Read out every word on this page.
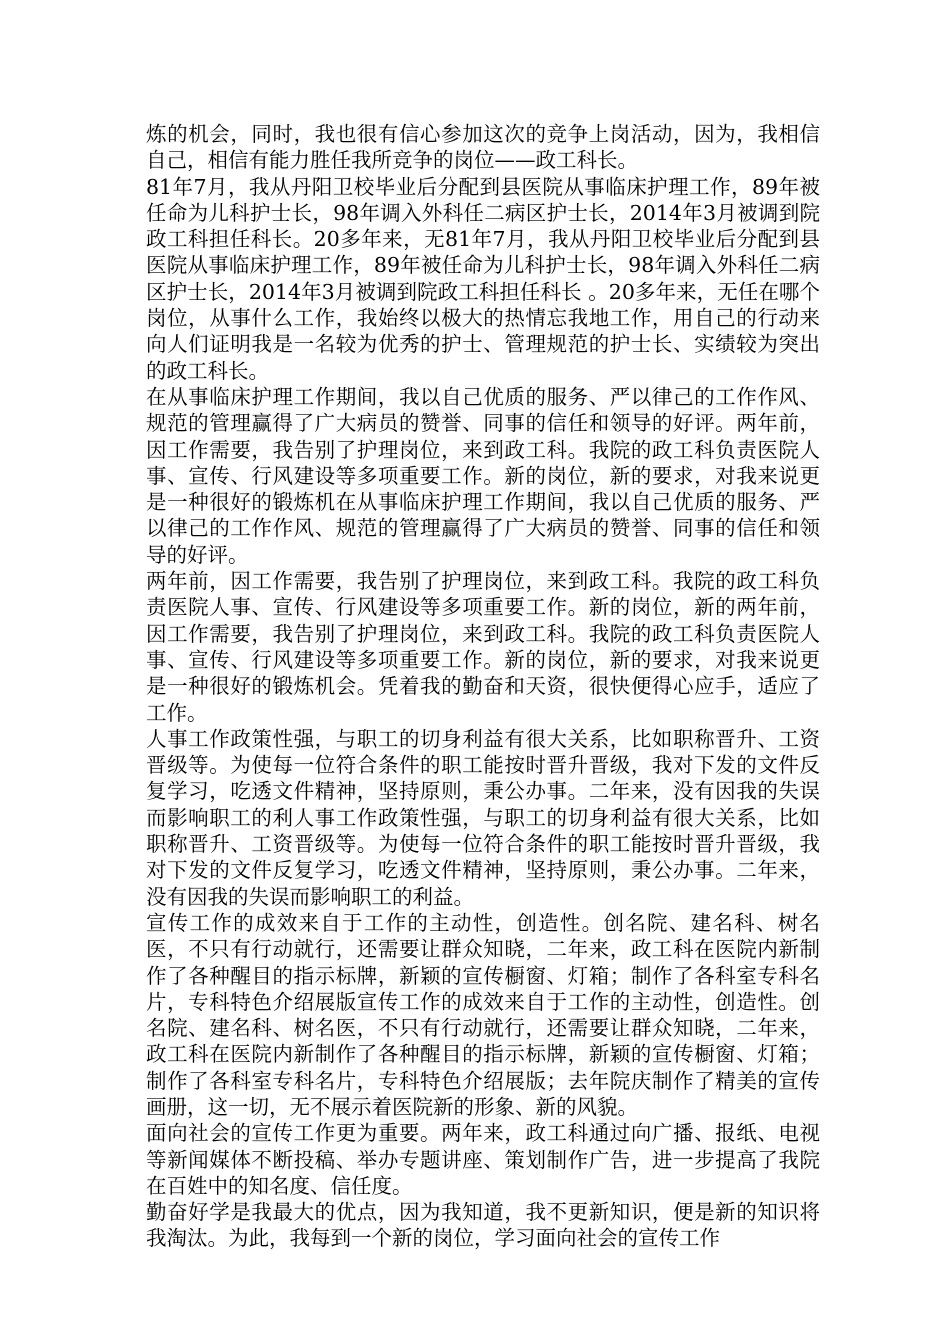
炼的机会，同时，我也很有信心参加这次的竞争上岗活动，因为，我相信自己，相信有能力胜任我所竞争的岗位——政工科长。

81年7月，我从丹阳卫校毕业后分配到县医院从事临床护理工作，89年被任命为儿科护士长，98年调入外科任二病区护士长，2014年3月被调到院政工科担任科长。20多年来，无81年7月，我从丹阳卫校毕业后分配到县医院从事临床护理工作，89年被任命为儿科护士长，98年调入外科任二病区护士长，2014年3月被调到院政工科担任科长 。20多年来，无任在哪个岗位，从事什么工作，我始终以极大的热情忘我地工作，用自己的行动来向人们证明我是一名较为优秀的护士、管理规范的护士长、实绩较为突出的政工科长。

在从事临床护理工作期间，我以自己优质的服务、严以律己的工作作风、规范的管理赢得了广大病员的赞誉、同事的信任和领导的好评。两年前，因工作需要，我告别了护理岗位，来到政工科。我院的政工科负责医院人事、宣传、行风建设等多项重要工作。新的岗位，新的要求，对我来说更是一种很好的锻炼机在从事临床护理工作期间，我以自己优质的服务、严以律己的工作作风、规范的管理赢得了广大病员的赞誉、同事的信任和领导的好评。

两年前，因工作需要，我告别了护理岗位，来到政工科。我院的政工科负责医院人事、宣传、行风建设等多项重要工作。新的岗位，新的两年前，因工作需要，我告别了护理岗位，来到政工科。我院的政工科负责医院人事、宣传、行风建设等多项重要工作。新的岗位，新的要求，对我来说更是一种很好的锻炼机会。凭着我的勤奋和天资，很快便得心应手，适应了工作。

人事工作政策性强，与职工的切身利益有很大关系，比如职称晋升、工资晋级等。为使每一位符合条件的职工能按时晋升晋级，我对下发的文件反复学习，吃透文件精神，坚持原则，秉公办事。二年来，没有因我的失误而影响职工的利人事工作政策性强，与职工的切身利益有很大关系，比如职称晋升、工资晋级等。为使每一位符合条件的职工能按时晋升晋级，我对下发的文件反复学习，吃透文件精神，坚持原则，秉公办事。二年来，没有因我的失误而影响职工的利益。

宣传工作的成效来自于工作的主动性，创造性。创名院、建名科、树名医，不只有行动就行，还需要让群众知晓，二年来，政工科在医院内新制作了各种醒目的指示标牌，新颖的宣传橱窗、灯箱；制作了各科室专科名片，专科特色介绍展版宣传工作的成效来自于工作的主动性，创造性。创名院、建名科、树名医，不只有行动就行，还需要让群众知晓，二年来，政工科在医院内新制作了各种醒目的指示标牌，新颖的宣传橱窗、灯箱；制作了各科室专科名片，专科特色介绍展版；去年院庆制作了精美的宣传画册，这一切，无不展示着医院新的形象、新的风貌。

面向社会的宣传工作更为重要。两年来，政工科通过向广播、报纸、电视等新闻媒体不断投稿、举办专题讲座、策划制作广告，进一步提高了我院在百姓中的知名度、信任度。

勤奋好学是我最大的优点，因为我知道，我不更新知识，便是新的知识将我淘汰。为此，我每到一个新的岗位，学习面向社会的宣传工作
